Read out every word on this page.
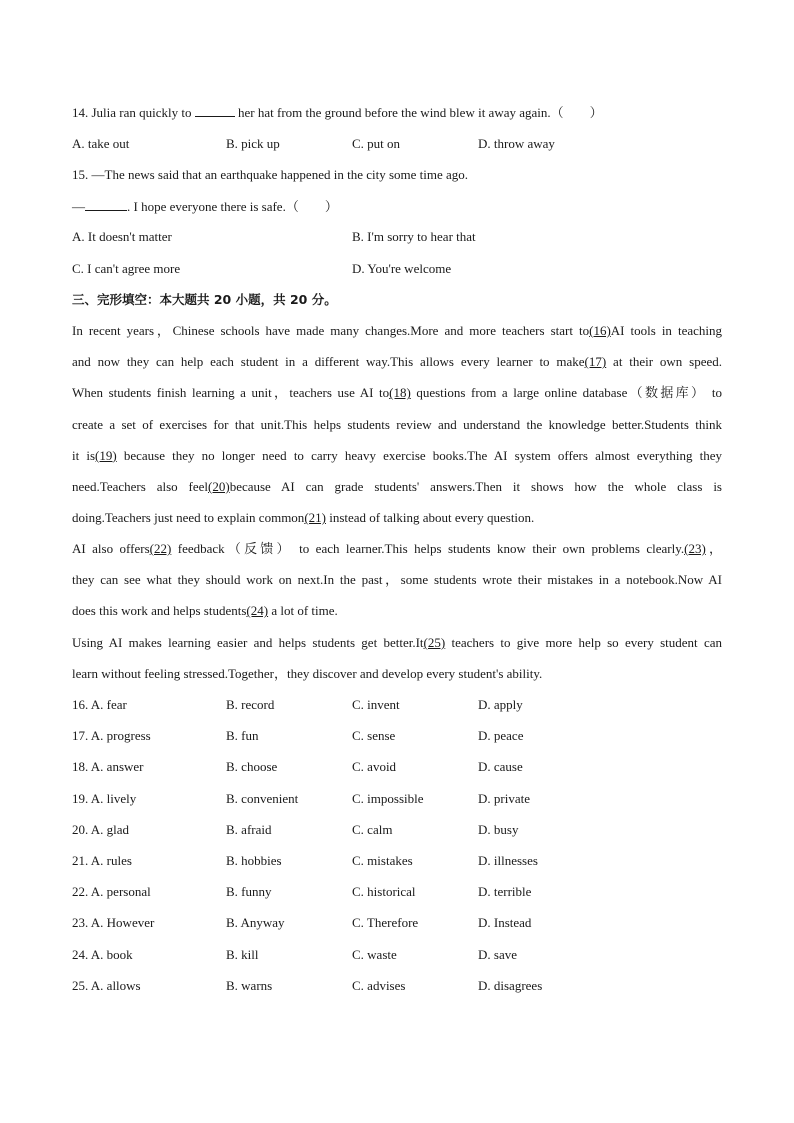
14. Julia ran quickly to	her hat from the ground before the wind blew it away again.（　　）
A. take out	B. pick up	C. put on	D. throw away
15. —The news said that an earthquake happened in the city some time ago.
—	. I hope everyone there is safe.（　　）
A. It doesn't matter	B. I'm sorry to hear that
C. I can't agree more	D. You're welcome
三、完形填空：本大题共 20 小题，共 20 分。
In recent years，Chinese schools have made many changes.More and more teachers start to(16)AI tools in teaching
and now they can help each student in a different way.This allows every learner to make(17) at their own speed.
When students finish learning a unit，teachers use AI to(18) questions from a large online database（数据库） to
create a set of exercises for that unit.This helps students review and understand the knowledge better.Students think
it is(19) because they no longer need to carry heavy exercise books.The AI system offers almost everything they
need.Teachers also feel(20)because AI can grade students' answers.Then it shows how the whole class is
doing.Teachers just need to explain common(21) instead of talking about every question.
AI also offers(22) feedback（反馈） to each learner.This helps students know their own problems clearly.(23)，
they can see what they should work on next.In the past，some students wrote their mistakes in a notebook.Now AI
does this work and helps students(24) a lot of time.
Using AI makes learning easier and helps students get better.It(25) teachers to give more help so every student can
learn without feeling stressed.Together，they discover and develop every student's ability.
16. A. fear	B. record	C. invent	D. apply
17. A. progress	B. fun	C. sense	D. peace
18. A. answer	B. choose	C. avoid	D. cause
19. A. lively	B. convenient	C. impossible	D. private
20. A. glad	B. afraid	C. calm	D. busy
21. A. rules	B. hobbies	C. mistakes	D. illnesses
22. A. personal	B. funny	C. historical	D. terrible
23. A. However	B. Anyway	C. Therefore	D. Instead
24. A. book	B. kill	C. waste	D. save
25. A. allows	B. warns	C. advises	D. disagrees
